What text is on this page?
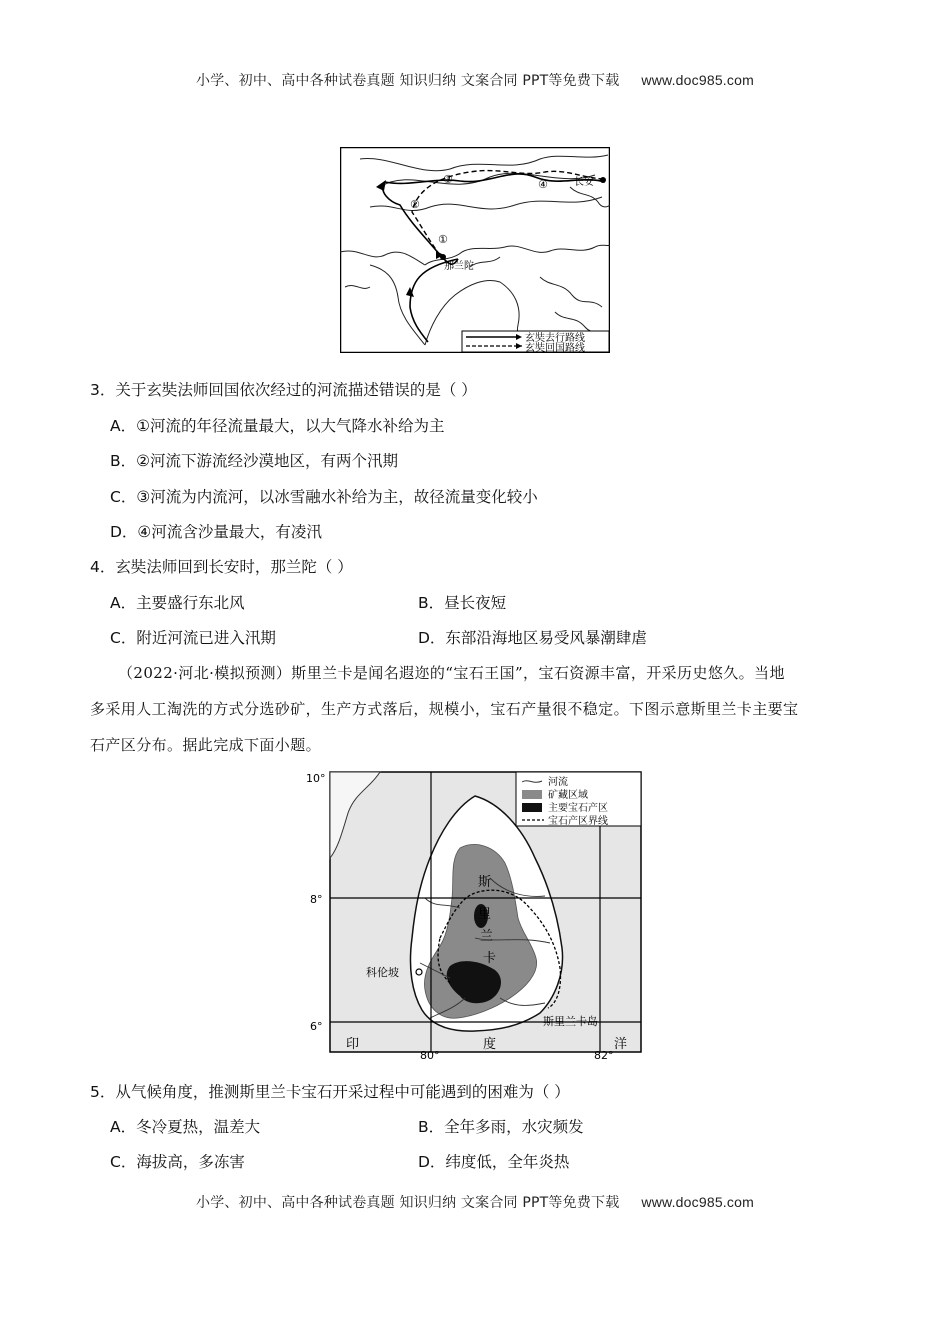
小学、初中、高中各种试卷真题 知识归纳 文案合同 PPT等免费下载 www.doc985.com
②
③	④
①
长安
那兰陀
玄奘去行路线
玄奘回国路线
3．关于玄奘法师回国依次经过的河流描述错误的是（ ）
A．①河流的年径流量最大，以大气降水补给为主
B．②河流下游流经沙漠地区，有两个汛期
C．③河流为内流河，以冰雪融水补给为主，故径流量变化较小
D．④河流含沙量最大，有凌汛
4．玄奘法师回到长安时，那兰陀（ ）
A．主要盛行东北风	B．昼长夜短
C．附近河流已进入汛期	D．东部沿海地区易受风暴潮肆虐
（2022·河北·模拟预测）斯里兰卡是闻名遐迩的“宝石王国”，宝石资源丰富，开采历史悠久。当地
多采用人工淘洗的方式分选砂矿，生产方式落后，规模小，宝石产量很不稳定。下图示意斯里兰卡主要宝
石产区分布。据此完成下面小题。
10°
8°
6°
80°	82°
斯
里
兰
卡
科伦坡
斯里兰卡岛
印	度	洋
河流
矿藏区域
主要宝石产区
宝石产区界线
5．从气候角度，推测斯里兰卡宝石开采过程中可能遇到的困难为（ ）
A．冬冷夏热，温差大	B．全年多雨，水灾频发
C．海拔高，多冻害	D．纬度低，全年炎热
小学、初中、高中各种试卷真题 知识归纳 文案合同 PPT等免费下载 www.doc985.com
